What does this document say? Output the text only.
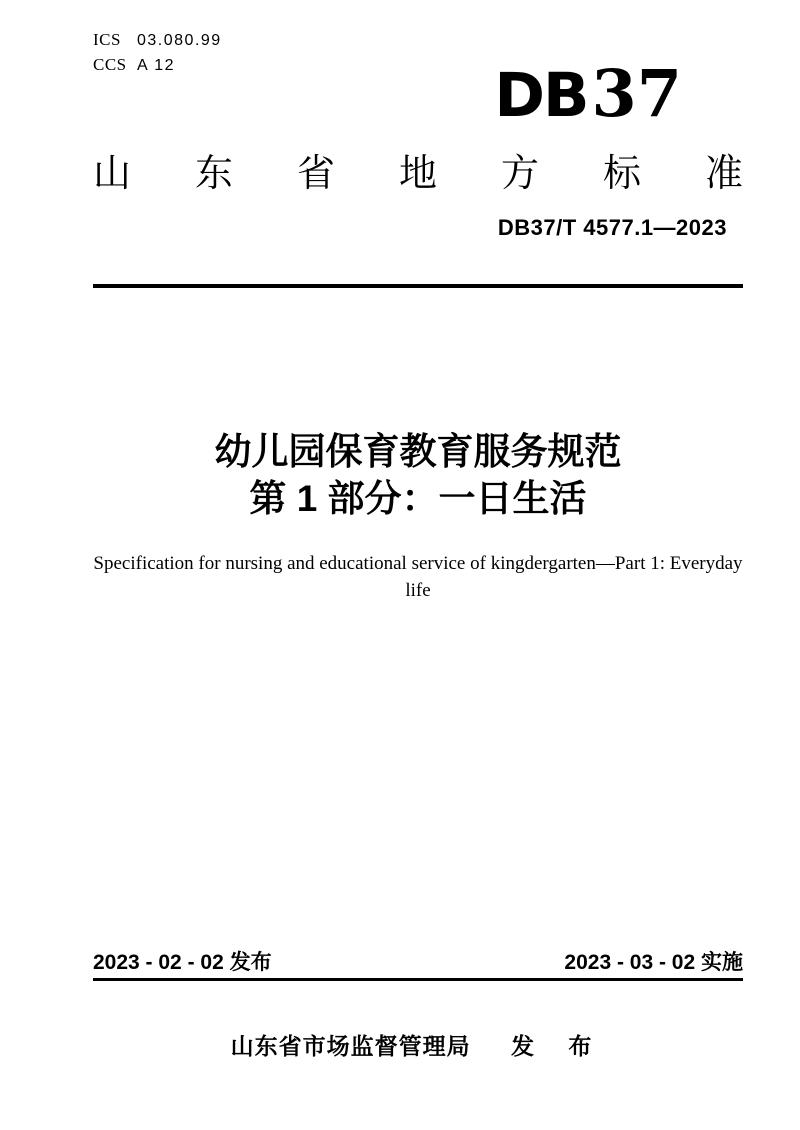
ICS	03.080.99
CCS A 12	DB 37
山东省地方标准
DB37/T 4577.1—2023
幼儿园保育教育服务规范
第 1 部分：一日生活
Specification for nursing and educational service of kingdergarten—Part 1: Everyday
life
2023 - 02 - 02 发布	2023 - 03 - 02 实施
山东省市场监督管理局 发 布
